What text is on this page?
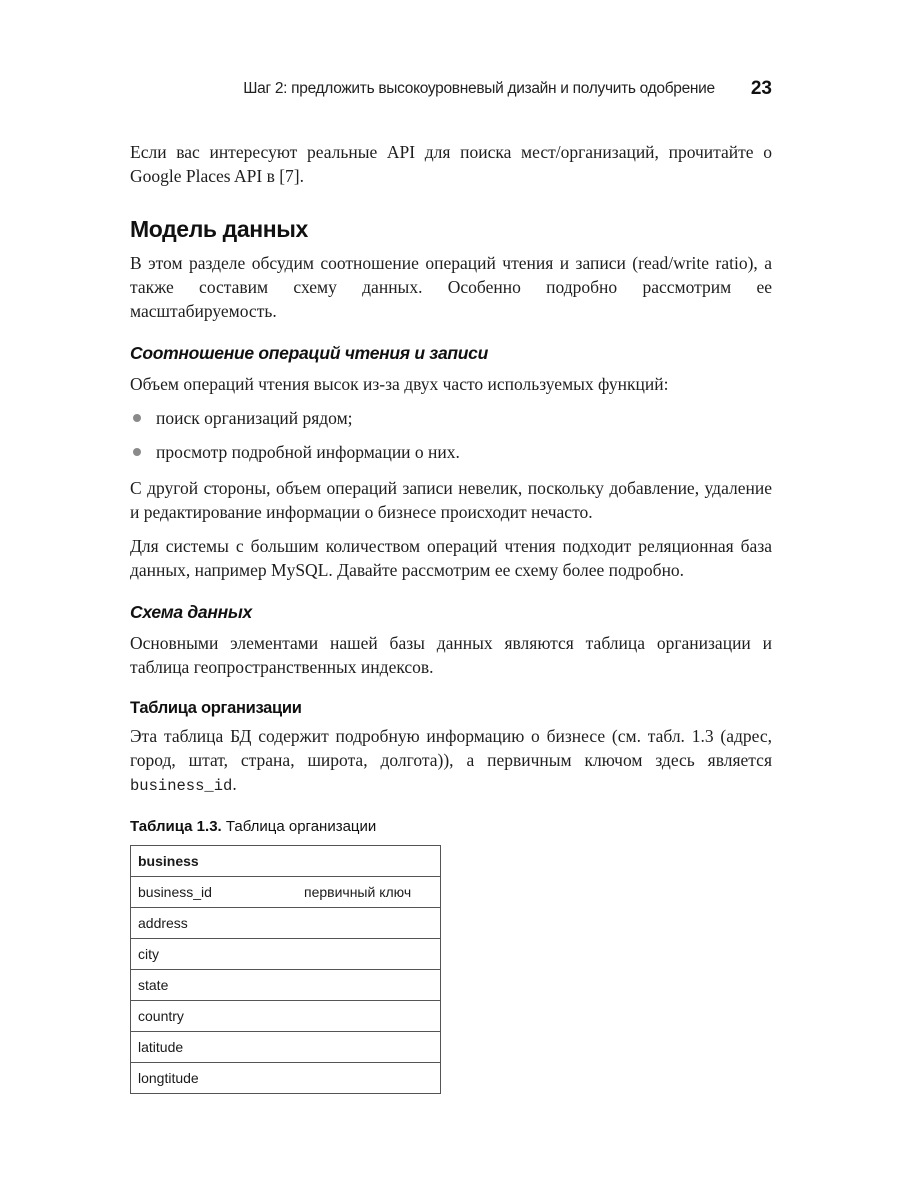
Шаг 2: предложить высокоуровневый дизайн и получить одобрение 23

Если вас интересуют реальные API для поиска мест/организаций, прочитайте о Google Places API в [7].

Модель данных

В этом разделе обсудим соотношение операций чтения и записи (read/write ratio), а также составим схему данных. Особенно подробно рассмотрим ее масштабируемость.

Соотношение операций чтения и записи

Объем операций чтения высок из-за двух часто используемых функций:

поиск организаций рядом;
просмотр подробной информации о них.

С другой стороны, объем операций записи невелик, поскольку добавление, удаление и редактирование информации о бизнесе происходит нечасто.

Для системы с большим количеством операций чтения подходит реляционная база данных, например MySQL. Давайте рассмотрим ее схему более подробно.

Схема данных

Основными элементами нашей базы данных являются таблица организации и таблица геопространственных индексов.

Таблица организации

Эта таблица БД содержит подробную информацию о бизнесе (см. табл. 1.3 (адрес, город, штат, страна, широта, долгота)), а первичным ключом здесь является business_id.

Таблица 1.3. Таблица организации
business	
business_id	первичный ключ
address	
city	
state	
country	
latitude	
longtitude	
